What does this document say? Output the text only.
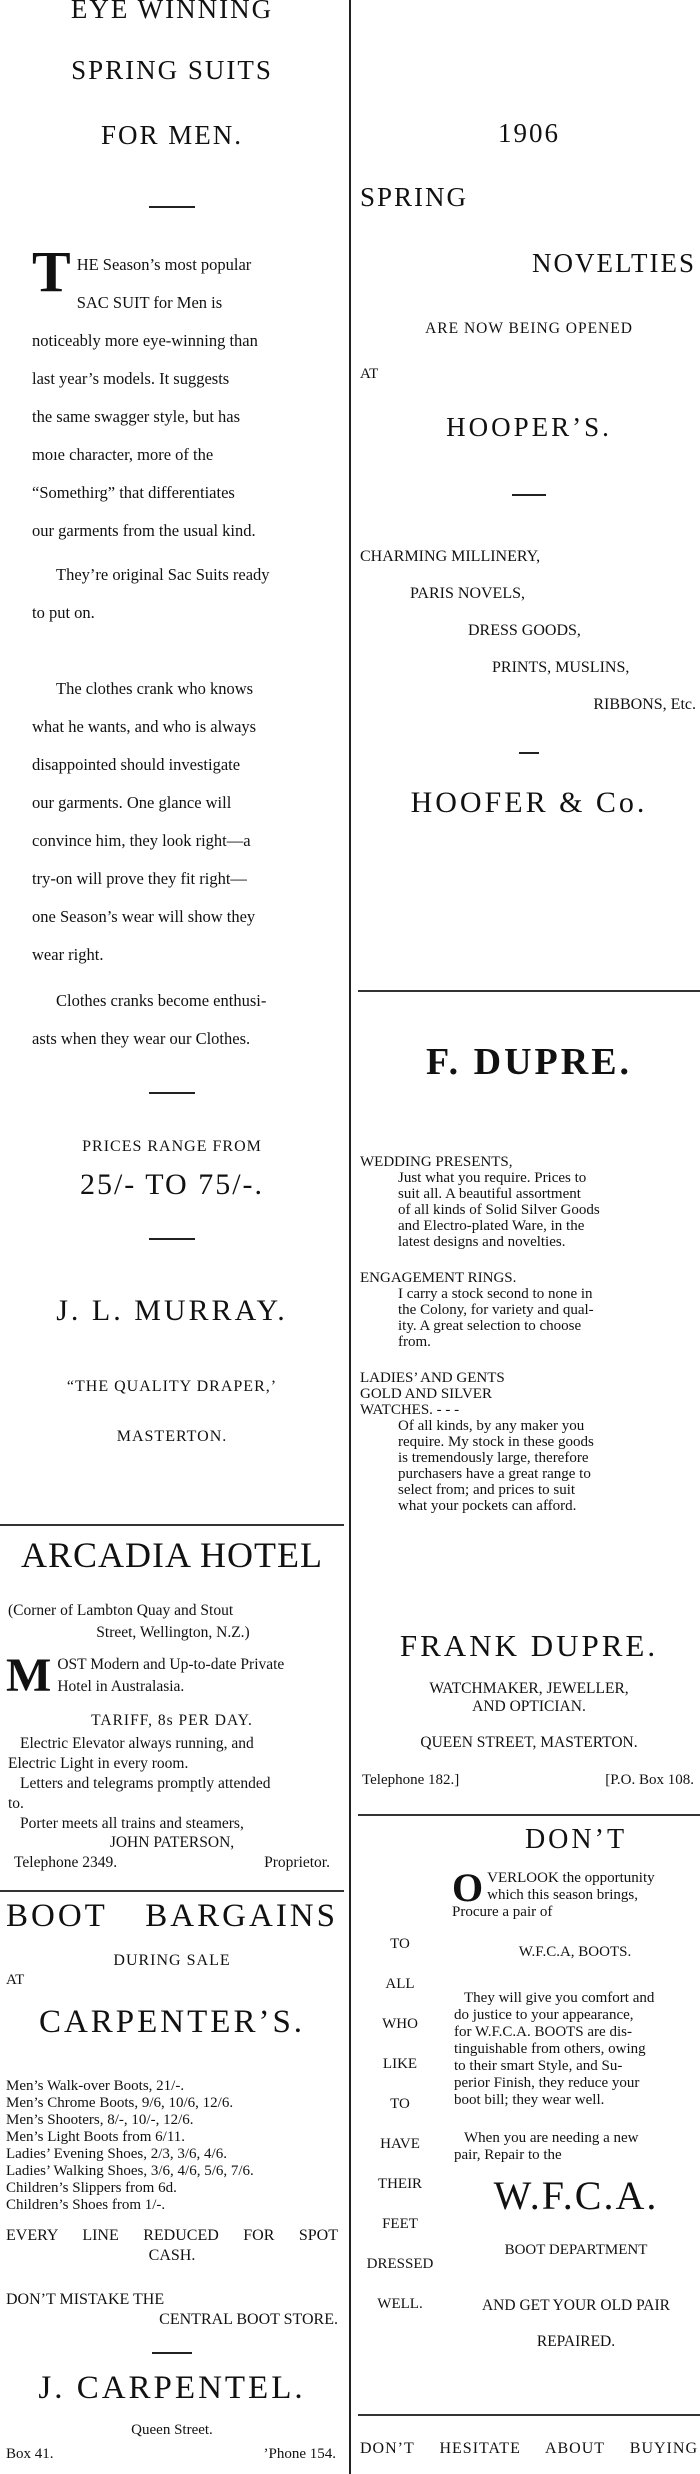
EYE WINNING
SPRING SUITS
FOR MEN.
T HE Season’s most popular
SAC SUIT for Men is
noticeably more eye-winning than
last year’s models. It suggests
the same swagger style, but has
moıe character, more of the
“Somethirg” that differentiates
our garments from the usual kind.
They’re original Sac Suits ready
to put on.
The clothes crank who knows
what he wants, and who is always
disappointed should investigate
our garments. One glance will
convince him, they look right—a
try-on will prove they fit right—
one Season’s wear will show they
wear right.
Clothes cranks become enthusi-
asts when they wear our Clothes.
PRICES RANGE FROM
25/- TO 75/-.
J. L. MURRAY.
“THE QUALITY DRAPER,’
MASTERTON.
ARCADIA HOTEL
(Corner of Lambton Quay and Stout
Street, Wellington, N.Z.)
M OST Modern and Up-to-date Private
Hotel in Australasia.
TARIFF, 8s PER DAY.
Electric Elevator always running, and
Electric Light in every room.
Letters and telegrams promptly attended
to.
Porter meets all trains and steamers,
JOHN PATERSON,
Telephone 2349.	Proprietor.
BOOT BARGAINS
DURING SALE
AT
CARPENTER’S.
Men’s Walk-over Boots, 21/-.
Men’s Chrome Boots, 9/6, 10/6, 12/6.
Men’s Shooters, 8/-, 10/-, 12/6.
Men’s Light Boots from 6/11.
Ladies’ Evening Shoes, 2/3, 3/6, 4/6.
Ladies’ Walking Shoes, 3/6, 4/6, 5/6, 7/6.
Children’s Slippers from 6d.
Children’s Shoes from 1/-.
EVERY LINE REDUCED FOR SPOT
CASH.
DON’T MISTAKE THE
CENTRAL BOOT STORE.
J. CARPENTEL.
Queen Street.
Box 41.	’Phone 154.
1906
SPRING
NOVELTIES
ARE NOW BEING OPENED
AT
HOOPER’S.
CHARMING MILLINERY,
PARIS NOVELS,
DRESS GOODS,
PRINTS, MUSLINS,
RIBBONS, Etc.
HOOFER & Co.
F. DUPRE.
WEDDING PRESENTS,
Just what you require. Prices to
suit all. A beautiful assortment
of all kinds of Solid Silver Goods
and Electro-plated Ware, in the
latest designs and novelties.
ENGAGEMENT RINGS.
I carry a stock second to none in
the Colony, for variety and qual-
ity. A great selection to choose
from.
LADIES’ AND GENTS
GOLD AND SILVER
WATCHES. - - -
Of all kinds, by any maker you
require. My stock in these goods
is tremendously large, therefore
purchasers have a great range to
select from; and prices to suit
what your pockets can afford.
FRANK DUPRE.
WATCHMAKER, JEWELLER,
AND OPTICIAN.
QUEEN STREET, MASTERTON.
Telephone 182.]	[P.O. Box 108.
DON’T
TO
ALL
WHO
LIKE
TO
HAVE
THEIR
FEET
DRESSED
WELL.
O VERLOOK the opportunity
which this season brings,
Procure a pair of
W.F.C.A, BOOTS.
They will give you comfort and
do justice to your appearance,
for W.F.C.A. BOOTS are dis-
tinguishable from others, owing
to their smart Style, and Su-
perior Finish, they reduce your
boot bill; they wear well.
When you are needing a new
pair, Repair to the
W.F.C.A.
BOOT DEPARTMENT
AND GET YOUR OLD PAIR
REPAIRED.
DON’T HESITATE ABOUT BUYING
